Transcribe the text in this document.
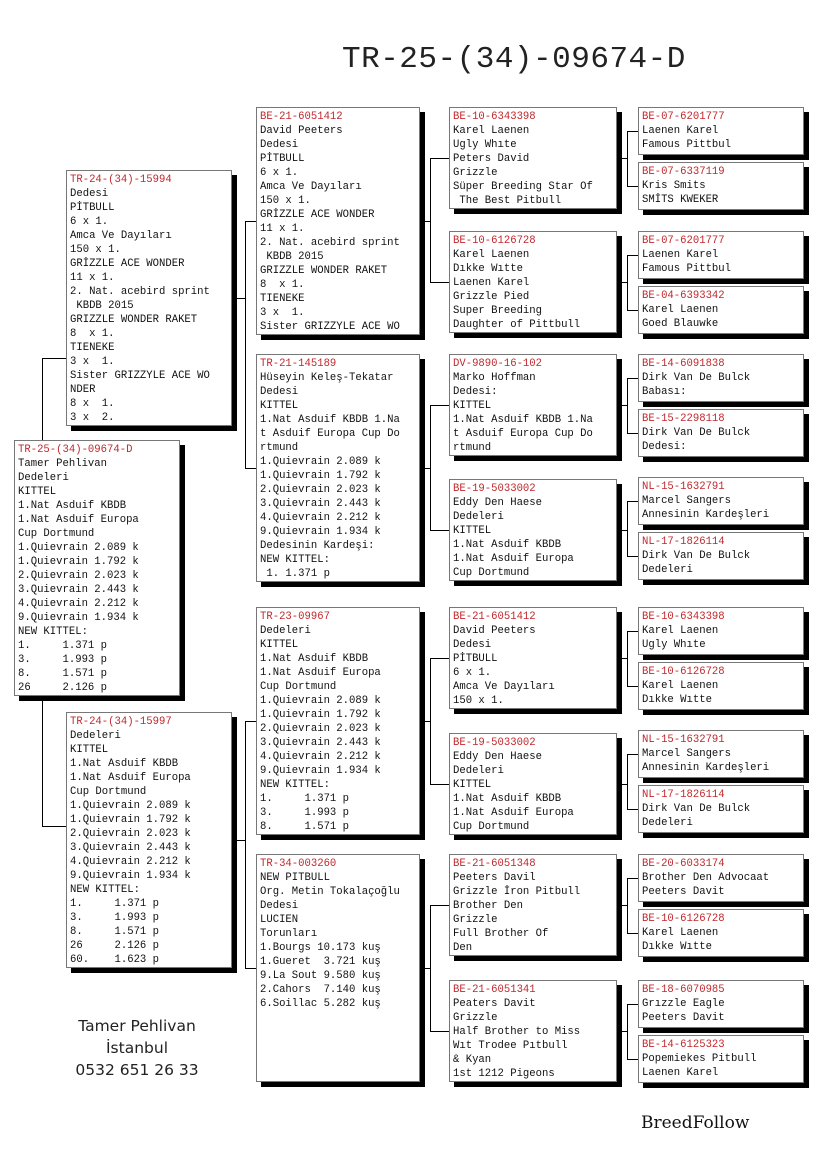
TR-25-(34)-09674-D
TR-25-(34)-09674-D
Tamer Pehlivan
Dedeleri
KITTEL
1.Nat Asduif KBDB
1.Nat Asduif Europa
Cup Dortmund
1.Quievrain 2.089 k
1.Quievrain 1.792 k
2.Quievrain 2.023 k
3.Quievrain 2.443 k
4.Quievrain 2.212 k
9.Quievrain 1.934 k
NEW KITTEL:
1.     1.371 p
3.     1.993 p
8.     1.571 p
26     2.126 p
TR-24-(34)-15994
Dedesi
PİTBULL
6 x 1.
Amca Ve Dayıları
150 x 1.
GRİZZLE ACE WONDER
11 x 1.
2. Nat. acebird sprint
KBDB 2015
GRIZZLE WONDER RAKET
8  x 1.
TIENEKE
3 x  1.
Sister GRIZZYLE ACE WO
NDER
8 x  1.
3 x  2.
TR-24-(34)-15997
Dedeleri
KITTEL
1.Nat Asduif KBDB
1.Nat Asduif Europa
Cup Dortmund
1.Quievrain 2.089 k
1.Quievrain 1.792 k
2.Quievrain 2.023 k
3.Quievrain 2.443 k
4.Quievrain 2.212 k
9.Quievrain 1.934 k
NEW KITTEL:
1.     1.371 p
3.     1.993 p
8.     1.571 p
26     2.126 p
60.    1.623 p
BE-21-6051412
David Peeters
Dedesi
PİTBULL
6 x 1.
Amca Ve Dayıları
150 x 1.
GRİZZLE ACE WONDER
11 x 1.
2. Nat. acebird sprint
KBDB 2015
GRIZZLE WONDER RAKET
8  x 1.
TIENEKE
3 x  1.
Sister GRIZZYLE ACE WO
TR-21-145189
Hüseyin Keleş-Tekatar
Dedesi
KITTEL
1.Nat Asduif KBDB 1.Na
t Asduif Europa Cup Do
rtmund
1.Quievrain 2.089 k
1.Quievrain 1.792 k
2.Quievrain 2.023 k
3.Quievrain 2.443 k
4.Quievrain 2.212 k
9.Quievrain 1.934 k
Dedesinin Kardeşi:
NEW KITTEL:
1. 1.371 p
TR-23-09967
Dedeleri
KITTEL
1.Nat Asduif KBDB
1.Nat Asduif Europa
Cup Dortmund
1.Quievrain 2.089 k
1.Quievrain 1.792 k
2.Quievrain 2.023 k
3.Quievrain 2.443 k
4.Quievrain 2.212 k
9.Quievrain 1.934 k
NEW KITTEL:
1.     1.371 p
3.     1.993 p
8.     1.571 p
TR-34-003260
NEW PITBULL
Org. Metin Tokalaçoğlu
Dedesi
LUCIEN
Torunları
1.Bourgs 10.173 kuş
1.Gueret  3.721 kuş
9.La Sout 9.580 kuş
2.Cahors  7.140 kuş
6.Soillac 5.282 kuş
BE-10-6343398
Karel Laenen
Ugly Whıte
Peters David
Grizzle
Süper Breeding Star Of
The Best Pitbull
BE-10-6126728
Karel Laenen
Dıkke Wıtte
Laenen Karel
Grizzle Pied
Super Breeding
Daughter of Pittbull
DV-9890-16-102
Marko Hoffman
Dedesi:
KITTEL
1.Nat Asduif KBDB 1.Na
t Asduif Europa Cup Do
rtmund
BE-19-5033002
Eddy Den Haese
Dedeleri
KITTEL
1.Nat Asduif KBDB
1.Nat Asduif Europa
Cup Dortmund
BE-21-6051412
David Peeters
Dedesi
PİTBULL
6 x 1.
Amca Ve Dayıları
150 x 1.
BE-19-5033002
Eddy Den Haese
Dedeleri
KITTEL
1.Nat Asduif KBDB
1.Nat Asduif Europa
Cup Dortmund
BE-21-6051348
Peeters Davil
Grizzle İron Pitbull
Brother Den
Grizzle
Full Brother Of
Den
BE-21-6051341
Peaters Davit
Grizzle
Half Brother to Miss
Wıt Trodee Pıtbull
& Kyan
1st 1212 Pigeons
BE-07-6201777
Laenen Karel
Famous Pittbul
BE-07-6337119
Kris Smits
SMİTS KWEKER
BE-07-6201777
Laenen Karel
Famous Pittbul
BE-04-6393342
Karel Laenen
Goed Blauwke
BE-14-6091838
Dirk Van De Bulck
Babası:
BE-15-2298118
Dirk Van De Bulck
Dedesi:
NL-15-1632791
Marcel Sangers
Annesinin Kardeşleri
NL-17-1826114
Dirk Van De Bulck
Dedeleri
BE-10-6343398
Karel Laenen
Ugly Whıte
BE-10-6126728
Karel Laenen
Dıkke Wıtte
NL-15-1632791
Marcel Sangers
Annesinin Kardeşleri
NL-17-1826114
Dirk Van De Bulck
Dedeleri
BE-20-6033174
Brother Den Advocaat
Peeters Davit
BE-10-6126728
Karel Laenen
Dıkke Wıtte
BE-18-6070985
Grızzle Eagle
Peeters Davit
BE-14-6125323
Popemiekes Pitbull
Laenen Karel
Tamer Pehlivan
İstanbul
0532 651 26 33
BreedFollow
